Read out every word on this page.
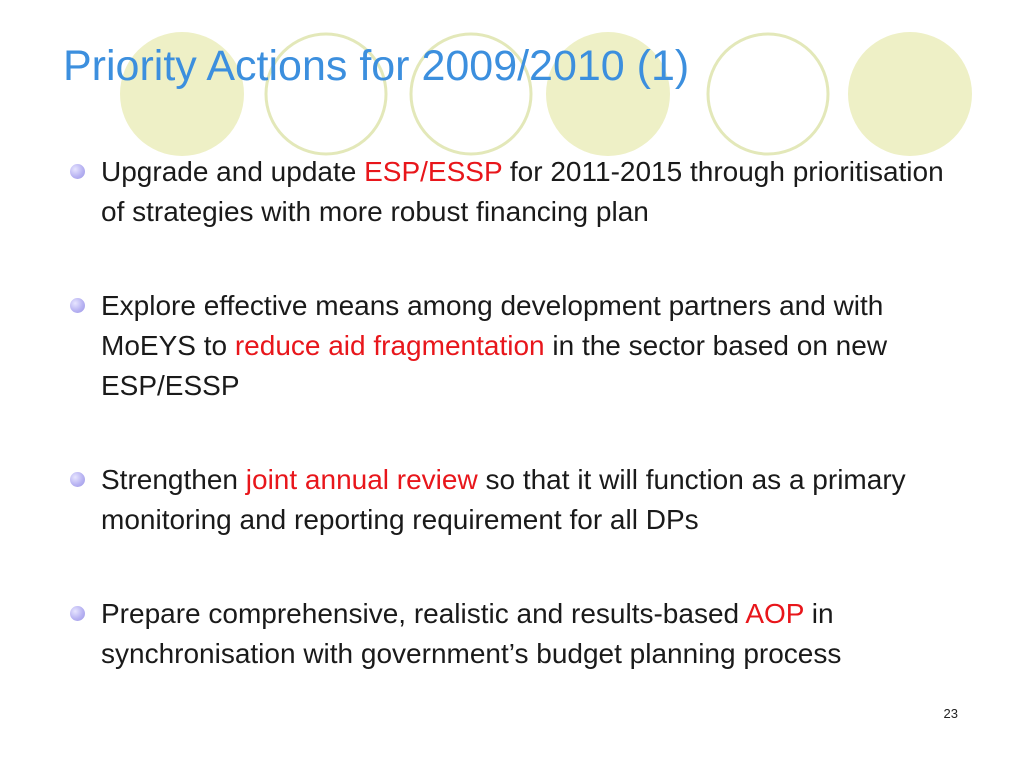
Priority Actions for 2009/2010 (1)
Upgrade and update ESP/ESSP for 2011-2015 through prioritisation of strategies with more robust financing plan
Explore effective means among development partners and with MoEYS to reduce aid fragmentation in the sector based on new ESP/ESSP
Strengthen joint annual review so that it will function as a primary monitoring and reporting requirement for all DPs
Prepare comprehensive, realistic and results-based AOP in synchronisation with government’s budget planning process
23
